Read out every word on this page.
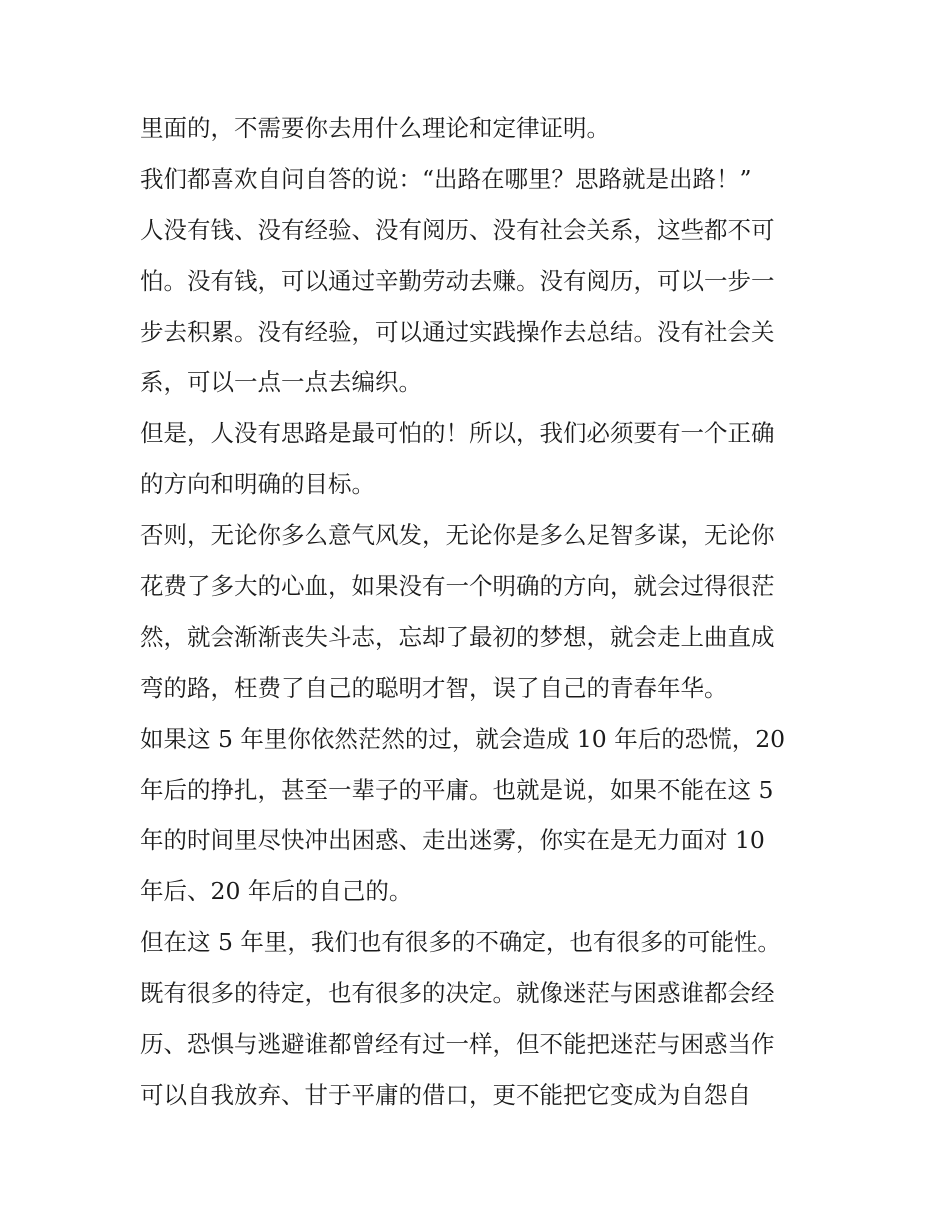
里面的，不需要你去用什么理论和定律证明。
我们都喜欢自问自答的说：“出路在哪里？思路就是出路！”
人没有钱、没有经验、没有阅历、没有社会关系，这些都不可
怕。没有钱，可以通过辛勤劳动去赚。没有阅历，可以一步一
步去积累。没有经验，可以通过实践操作去总结。没有社会关
系，可以一点一点去编织。
但是，人没有思路是最可怕的！所以，我们必须要有一个正确
的方向和明确的目标。
否则，无论你多么意气风发，无论你是多么足智多谋，无论你
花费了多大的心血，如果没有一个明确的方向，就会过得很茫
然，就会渐渐丧失斗志，忘却了最初的梦想，就会走上曲直成
弯的路，枉费了自己的聪明才智，误了自己的青春年华。
如果这 5 年里你依然茫然的过，就会造成 10 年后的恐慌，20
年后的挣扎，甚至一辈子的平庸。也就是说，如果不能在这 5
年的时间里尽快冲出困惑、走出迷雾，你实在是无力面对 10
年后、20 年后的自己的。
但在这 5 年里，我们也有很多的不确定，也有很多的可能性。
既有很多的待定，也有很多的决定。就像迷茫与困惑谁都会经
历、恐惧与逃避谁都曾经有过一样，但不能把迷茫与困惑当作
可以自我放弃、甘于平庸的借口，更不能把它变成为自怨自
